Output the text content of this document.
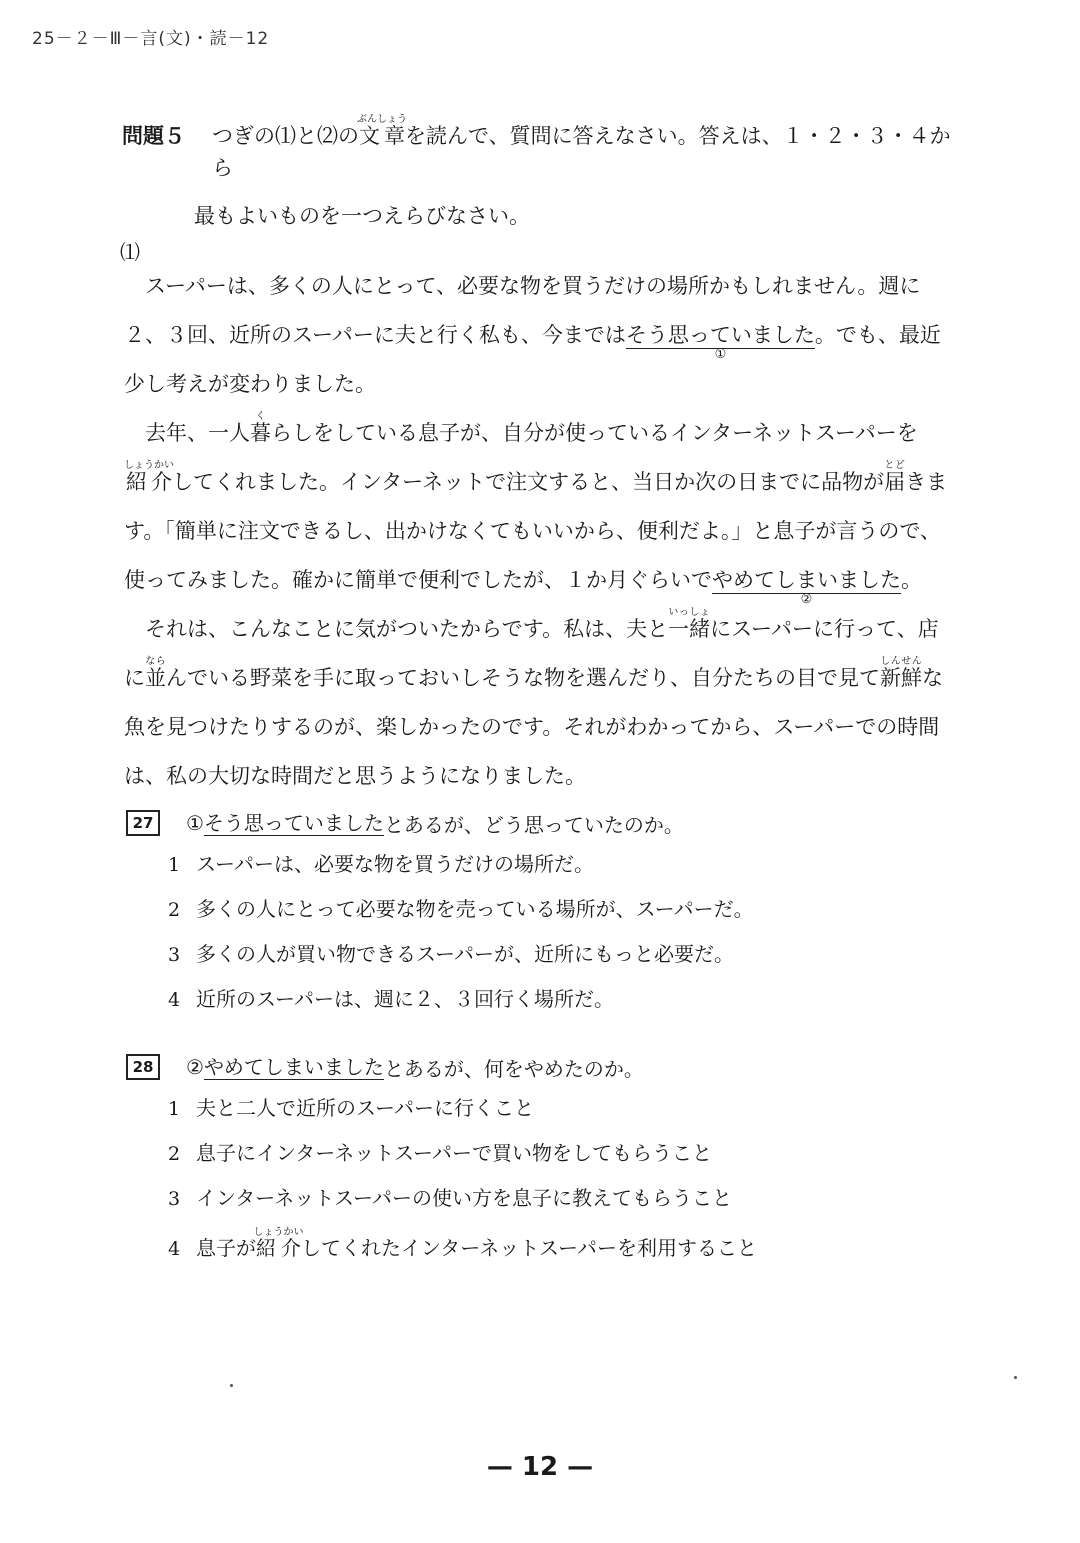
25－２－Ⅲ－言(文)・読－12
問題５	つぎの⑴と⑵の文章ぶんしょうを読んで、質問に答えなさい。答えは、１・２・３・４から
最もよいものを一つえらびなさい。
⑴

スーパーは、多くの人にとって、必要な物を買うだけの場所かもしれません。週に２、３回、近所のスーパーに夫と行く私も、今まではそう思っていました
①
。でも、最近少し考えが変わりました。

去年、一人暮くらしをしている息子が、自分が使っているインターネットスーパーを紹介しょうかいしてくれました。インターネットで注文すると、当日か次の日までに品物が届とどきます。「簡単に注文できるし、出かけなくてもいいから、便利だよ。」と息子が言うので、使ってみました。確かに簡単で便利でしたが、１か月ぐらいでやめてしまいました
②
。

それは、こんなことに気がついたからです。私は、夫と一緒いっしょにスーパーに行って、店に並ならんでいる野菜を手に取っておいしそうな物を選んだり、自分たちの目で見て新鮮しんせんな魚を見つけたりするのが、楽しかったのです。それがわかってから、スーパーでの時間は、私の大切な時間だと思うようになりました。

27	① そう思っていました とあるが、どう思っていたのか。
1 スーパーは、必要な物を買うだけの場所だ。
2 多くの人にとって必要な物を売っている場所が、スーパーだ。
3 多くの人が買い物できるスーパーが、近所にもっと必要だ。
4 近所のスーパーは、週に２、３回行く場所だ。
28	② やめてしまいました とあるが、何をやめたのか。
1 夫と二人で近所のスーパーに行くこと
2 息子にインターネットスーパーで買い物をしてもらうこと
3 インターネットスーパーの使い方を息子に教えてもらうこと
4 息子が紹介しょうかいしてくれたインターネットスーパーを利用すること
— 12 —
